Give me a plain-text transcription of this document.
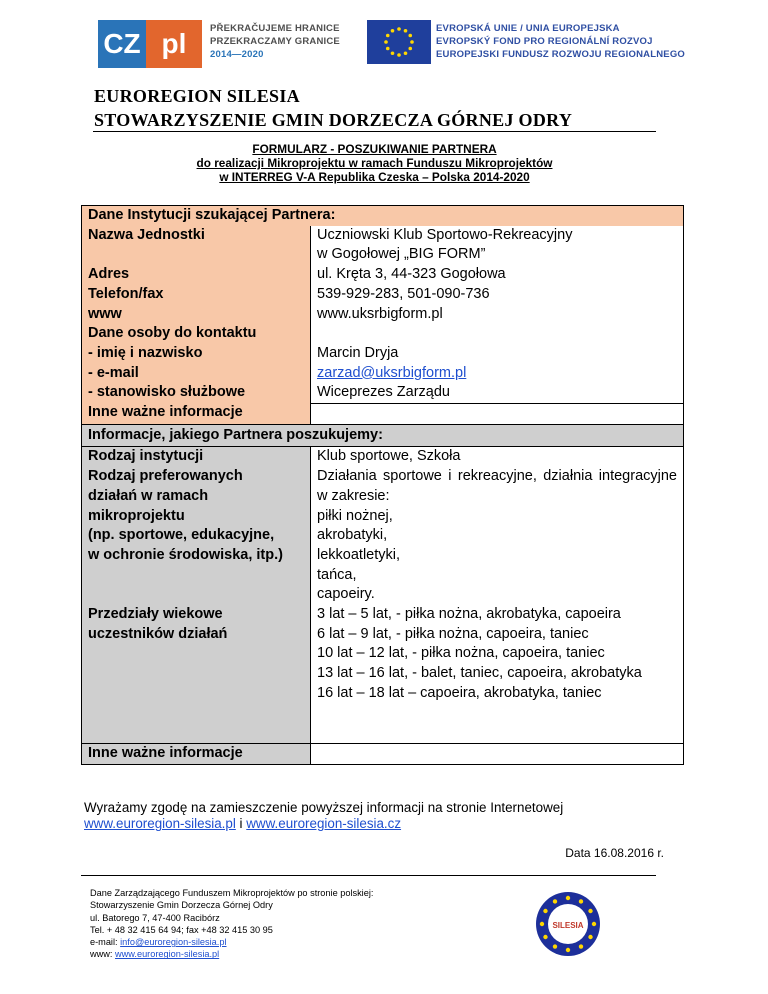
CZ pl	PŘEKRAČUJEME HRANICE
PRZEKRACZAMY GRANICE
2014—2020
EVROPSKÁ UNIE / UNIA EUROPEJSKA
EVROPSKÝ FOND PRO REGIONÁLNÍ ROZVOJ
EUROPEJSKI FUNDUSZ ROZWOJU REGIONALNEGO
EUROREGION SILESIA
STOWARZYSZENIE GMIN DORZECZA GÓRNEJ ODRY
FORMULARZ - POSZUKIWANIE PARTNERA
do realizacji Mikroprojektu w ramach Funduszu Mikroprojektów
w INTERREG V-A Republika Czeska – Polska 2014-2020
Dane Instytucji szukającej Partnera:
Nazwa Jednostki

Adres
Telefon/fax
www
Dane osoby do kontaktu
- imię i nazwisko
- e-mail
- stanowisko służbowe
Inne ważne informacje
Uczniowski Klub Sportowo-Rekreacyjny
w Gogołowej „BIG FORM”
ul. Kręta 3, 44-323 Gogołowa
539-929-283, 501-090-736
www.uksrbigform.pl

Marcin Dryja
zarzad@uksrbigform.pl
Wiceprezes Zarządu

Informacje, jakiego Partnera poszukujemy:
Rodzaj instytucji
Rodzaj preferowanych
działań w ramach
mikroprojektu
(np. sportowe, edukacyjne,
w ochronie środowiska, itp.)

Przedziały wiekowe
uczestników działań

Klub sportowe, Szkoła
Działania sportowe i rekreacyjne, działnia integracyjne w zakresie:
piłki nożnej,
akrobatyki,
lekkoatletyki,
tańca,
capoeiry.
3 lat – 5 lat, - piłka nożna, akrobatyka, capoeira
6 lat – 9 lat, - piłka nożna, capoeira, taniec
10 lat – 12 lat, - piłka nożna, capoeira, taniec
13 lat – 16 lat, - balet, taniec, capoeira, akrobatyka
16 lat – 18 lat – capoeira, akrobatyka, taniec

Inne ważne informacje

Wyrażamy zgodę na zamieszczenie powyższej informacji na stronie Internetowej
www.euroregion-silesia.pl i www.euroregion-silesia.cz
Data 16.08.2016 r.
Dane Zarządzającego Funduszem Mikroprojektów po stronie polskiej:
Stowarzyszenie Gmin Dorzecza Górnej Odry
ul. Batorego 7, 47-400 Racibórz
Tel. + 48 32 415 64 94; fax +48 32 415 30 95
e-mail: info@euroregion-silesia.pl
www: www.euroregion-silesia.pl
SILESIA
